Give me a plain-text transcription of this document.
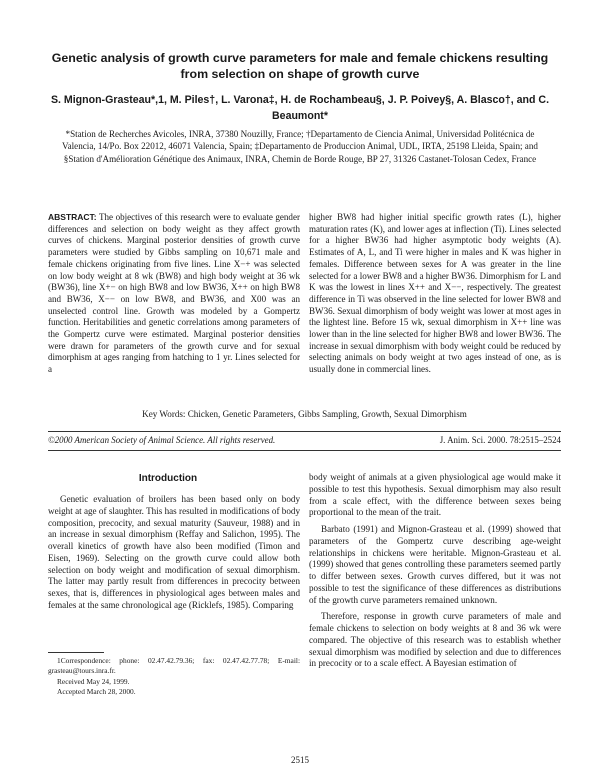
Genetic analysis of growth curve parameters for male and female chickens resulting from selection on shape of growth curve
S. Mignon-Grasteau*,1, M. Piles†, L. Varona‡, H. de Rochambeau§, J. P. Poivey§, A. Blasco†, and C. Beaumont*
*Station de Recherches Avicoles, INRA, 37380 Nouzilly, France; †Departamento de Ciencia Animal, Universidad Politécnica de Valencia, 14/Po. Box 22012, 46071 Valencia, Spain; ‡Departamento de Produccion Animal, UDL, IRTA, 25198 Lleida, Spain; and §Station d'Amélioration Génétique des Animaux, INRA, Chemin de Borde Rouge, BP 27, 31326 Castanet-Tolosan Cedex, France
ABSTRACT: The objectives of this research were to evaluate gender differences and selection on body weight as they affect growth curves of chickens. Marginal posterior densities of growth curve parameters were studied by Gibbs sampling on 10,671 male and female chickens originating from five lines. Line X−+ was selected on low body weight at 8 wk (BW8) and high body weight at 36 wk (BW36), line X+− on high BW8 and low BW36, X++ on high BW8 and BW36, X−− on low BW8, and BW36, and X00 was an unselected control line. Growth was modeled by a Gompertz function. Heritabilities and genetic correlations among parameters of the Gompertz curve were estimated. Marginal posterior densities were drawn for parameters of the growth curve and for sexual dimorphism at ages ranging from hatching to 1 yr. Lines selected for a
higher BW8 had higher initial specific growth rates (L), higher maturation rates (K), and lower ages at inflection (Ti). Lines selected for a higher BW36 had higher asymptotic body weights (A). Estimates of A, L, and Ti were higher in males and K was higher in females. Difference between sexes for A was greater in the line selected for a lower BW8 and a higher BW36. Dimorphism for L and K was the lowest in lines X++ and X−−, respectively. The greatest difference in Ti was observed in the line selected for lower BW8 and BW36. Sexual dimorphism of body weight was lower at most ages in the lightest line. Before 15 wk, sexual dimorphism in X++ line was lower than in the line selected for higher BW8 and lower BW36. The increase in sexual dimorphism with body weight could be reduced by selecting animals on body weight at two ages instead of one, as is usually done in commercial lines.
Key Words: Chicken, Genetic Parameters, Gibbs Sampling, Growth, Sexual Dimorphism
©2000 American Society of Animal Science. All rights reserved.	J. Anim. Sci. 2000. 78:2515–2524
Introduction

Genetic evaluation of broilers has been based only on body weight at age of slaughter. This has resulted in modifications of body composition, precocity, and sexual maturity (Sauveur, 1988) and in an increase in sexual dimorphism (Reffay and Salichon, 1995). The overall kinetics of growth have also been modified (Timon and Eisen, 1969). Selecting on the growth curve could allow both selection on body weight and modification of sexual dimorphism. The latter may partly result from differences in precocity between sexes, that is, differences in physiological ages between males and females at the same chronological age (Ricklefs, 1985). Comparing

body weight of animals at a given physiological age would make it possible to test this hypothesis. Sexual dimorphism may also result from a scale effect, with the difference between sexes being proportional to the mean of the trait.

Barbato (1991) and Mignon-Grasteau et al. (1999) showed that parameters of the Gompertz curve describing age-weight relationships in chickens were heritable. Mignon-Grasteau et al. (1999) showed that genes controlling these parameters seemed partly to differ between sexes. Growth curves differed, but it was not possible to test the significance of these differences as distributions of the growth curve parameters remained unknown.

Therefore, response in growth curve parameters of male and female chickens to selection on body weights at 8 and 36 wk were compared. The objective of this research was to establish whether sexual dimorphism was modified by selection and due to differences in precocity or to a scale effect. A Bayesian estimation of

1Correspondence: phone: 02.47.42.79.36; fax: 02.47.42.77.78; E-mail: grasteau@tours.inra.fr.
Received May 24, 1999.
Accepted March 28, 2000.
2515
